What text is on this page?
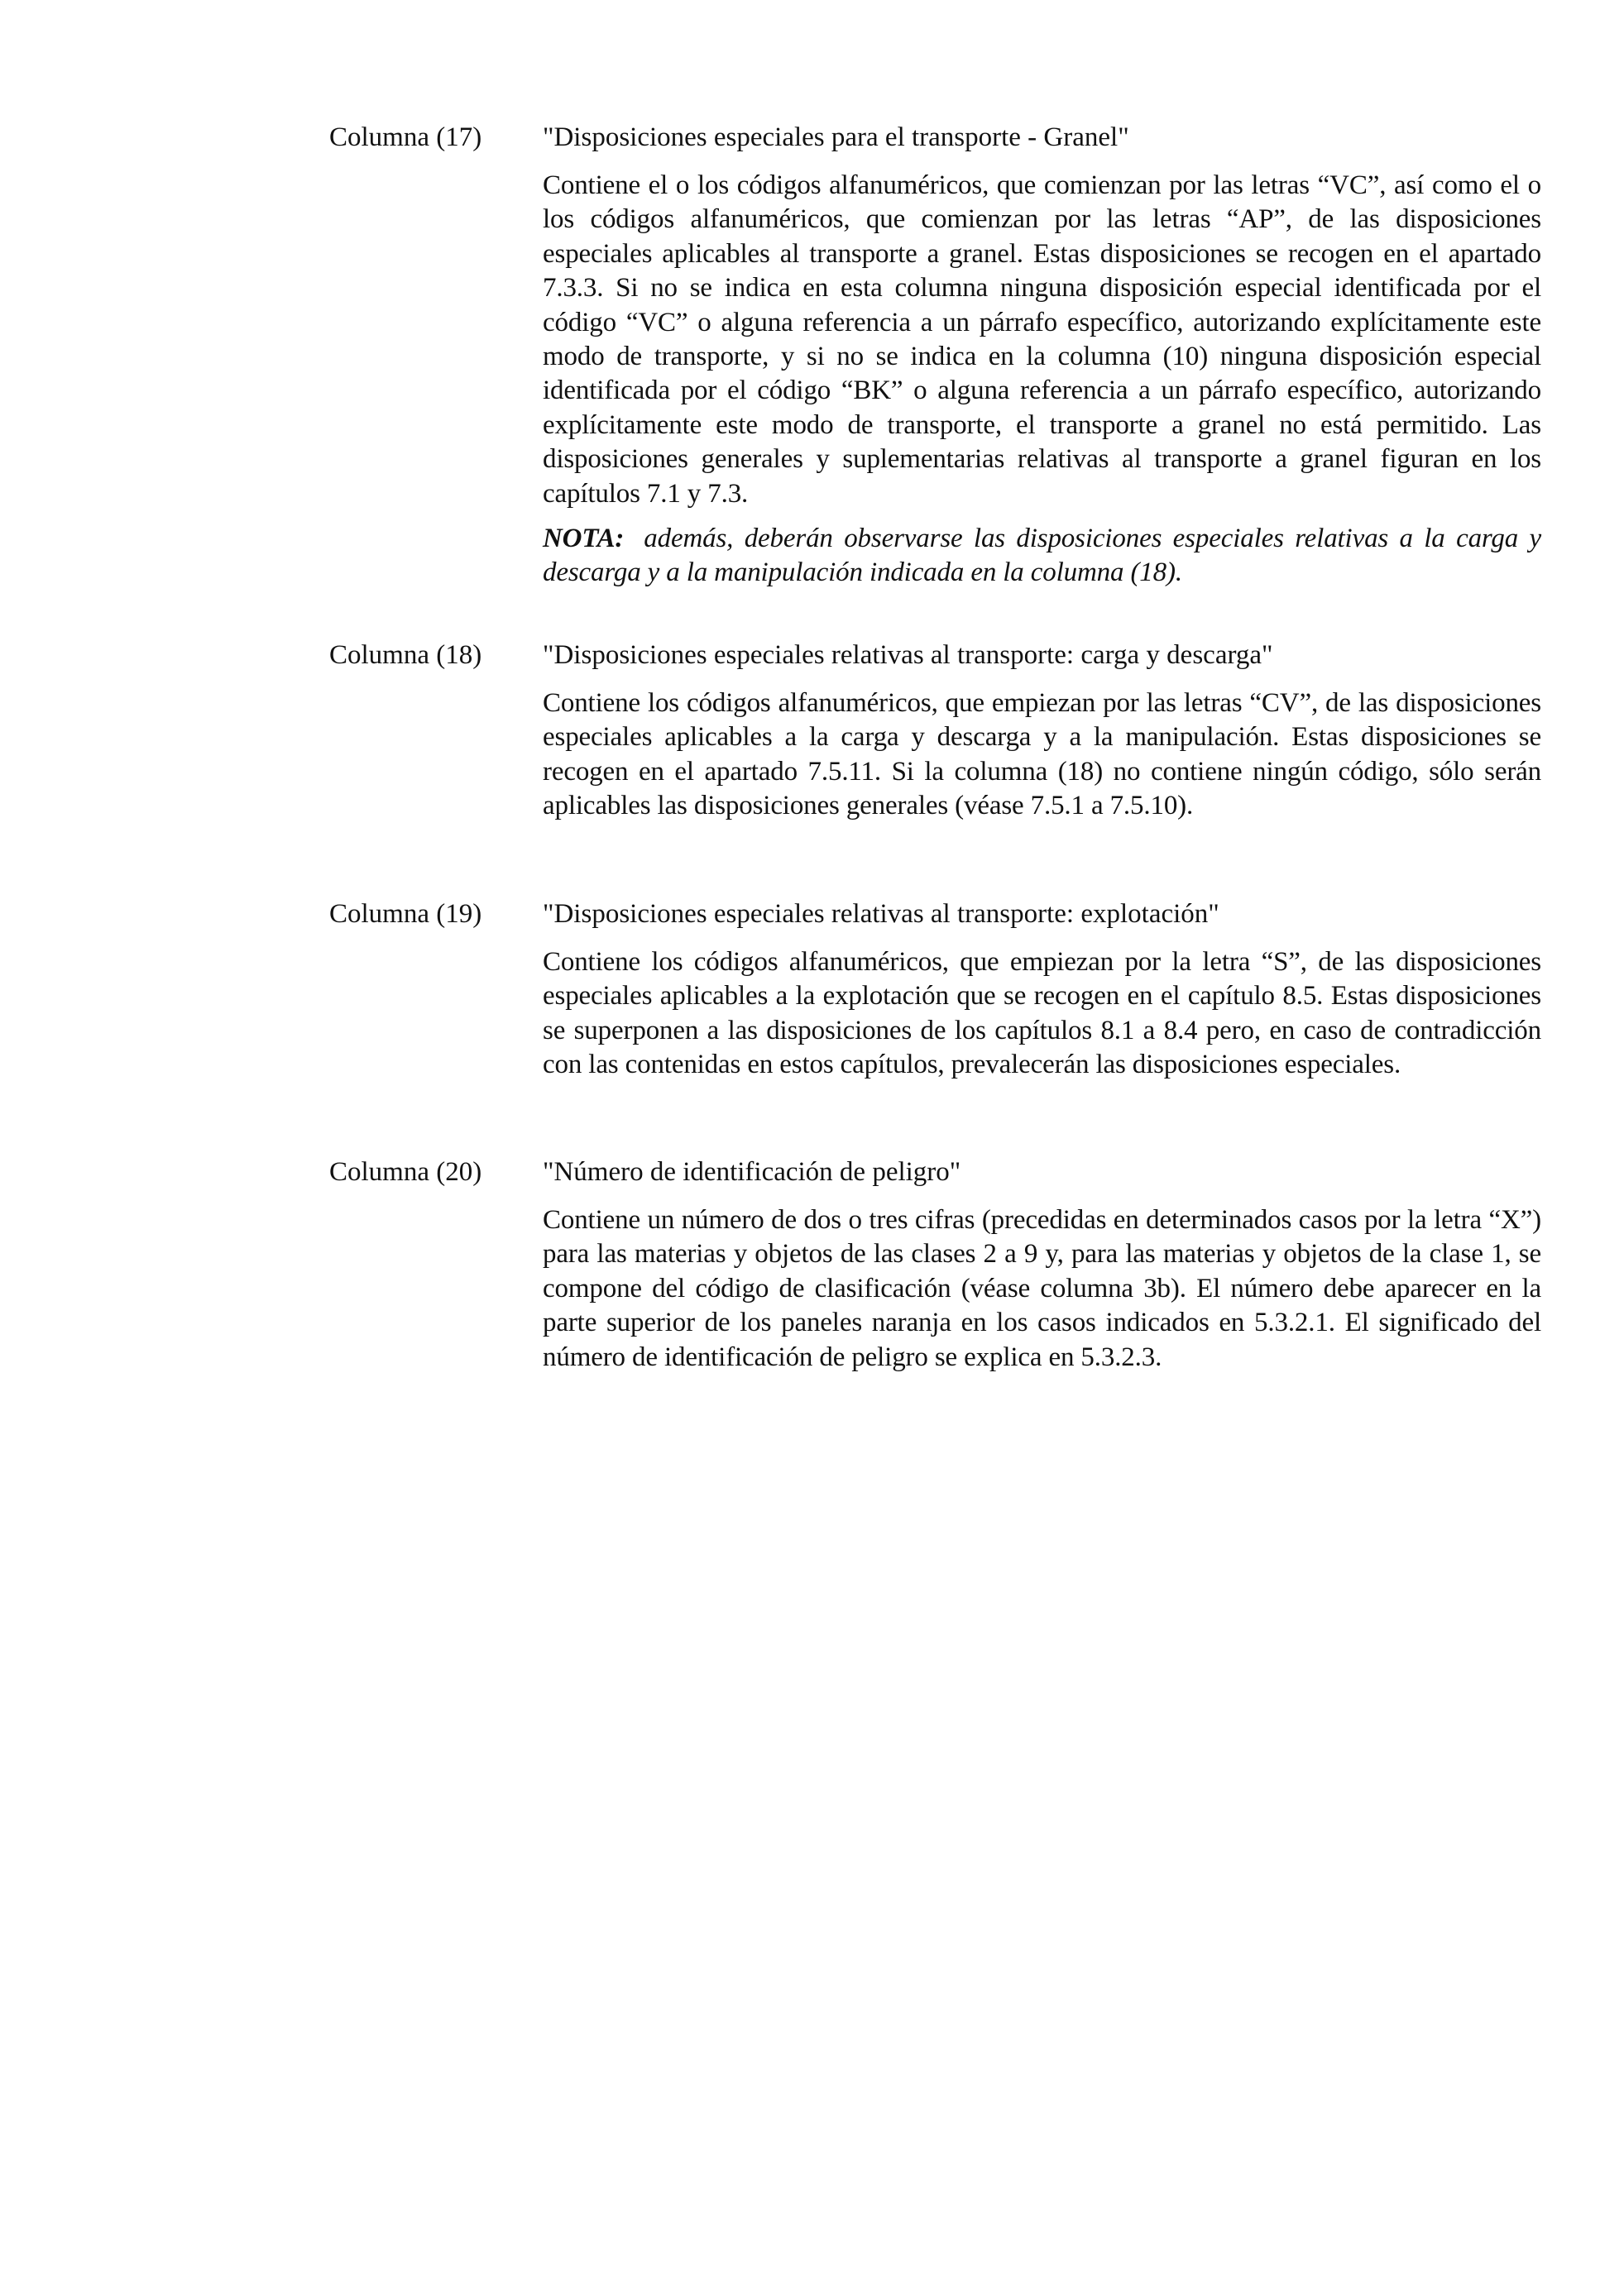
Columna (17) "Disposiciones especiales para el transporte - Granel"

Contiene el o los códigos alfanuméricos, que comienzan por las letras “VC”, así como el o los códigos alfanuméricos, que comienzan por las letras “AP”, de las disposiciones especiales aplicables al transporte a granel. Estas disposiciones se recogen en el apartado 7.3.3. Si no se indica en esta columna ninguna disposición especial identificada por el código “VC” o alguna referencia a un párrafo específico, autorizando explícitamente este modo de transporte, y si no se indica en la columna (10) ninguna disposición especial identificada por el código “BK” o alguna referencia a un párrafo específico, autorizando explícitamente este modo de transporte, el transporte a granel no está permitido. Las disposiciones generales y suplementarias relativas al transporte a granel figuran en los capítulos 7.1 y 7.3.

NOTA: además, deberán observarse las disposiciones especiales relativas a la carga y descarga y a la manipulación indicada en la columna (18).

Columna (18) "Disposiciones especiales relativas al transporte: carga y descarga"

Contiene los códigos alfanuméricos, que empiezan por las letras “CV”, de las disposiciones especiales aplicables a la carga y descarga y a la manipulación. Estas disposiciones se recogen en el apartado 7.5.11. Si la columna (18) no contiene ningún código, sólo serán aplicables las disposiciones generales (véase 7.5.1 a 7.5.10).

Columna (19) "Disposiciones especiales relativas al transporte: explotación"

Contiene los códigos alfanuméricos, que empiezan por la letra “S”, de las disposiciones especiales aplicables a la explotación que se recogen en el capítulo 8.5. Estas disposiciones se superponen a las disposiciones de los capítulos 8.1 a 8.4 pero, en caso de contradicción con las contenidas en estos capítulos, prevalecerán las disposiciones especiales.

Columna (20) "Número de identificación de peligro"

Contiene un número de dos o tres cifras (precedidas en determinados casos por la letra “X”) para las materias y objetos de las clases 2 a 9 y, para las materias y objetos de la clase 1, se compone del código de clasificación (véase columna 3b). El número debe aparecer en la parte superior de los paneles naranja en los casos indicados en 5.3.2.1. El significado del número de identificación de peligro se explica en 5.3.2.3.
